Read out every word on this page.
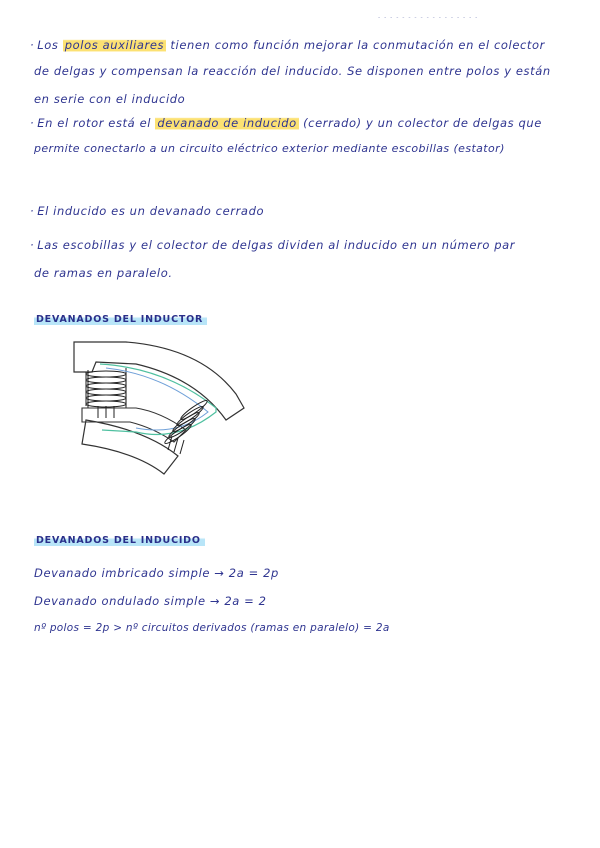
- - - - - - - - - - - - - - - - -
· Los polos auxiliares tienen como función mejorar la conmutación en el colector
de delgas y compensan la reacción del inducido. Se disponen entre polos y están
en serie con el inducido
· En el rotor está el devanado de inducido (cerrado) y un colector de delgas que
permite conectarlo a un circuito eléctrico exterior mediante escobillas (estator)
· El inducido es un devanado cerrado
· Las escobillas y el colector de delgas dividen al inducido en un número par
de ramas en paralelo.
DEVANADOS DEL INDUCTOR
DEVANADOS DEL INDUCIDO
Devanado imbricado simple → 2a = 2p
Devanado ondulado simple → 2a = 2
nº polos = 2p > nº circuitos derivados (ramas en paralelo) = 2a
